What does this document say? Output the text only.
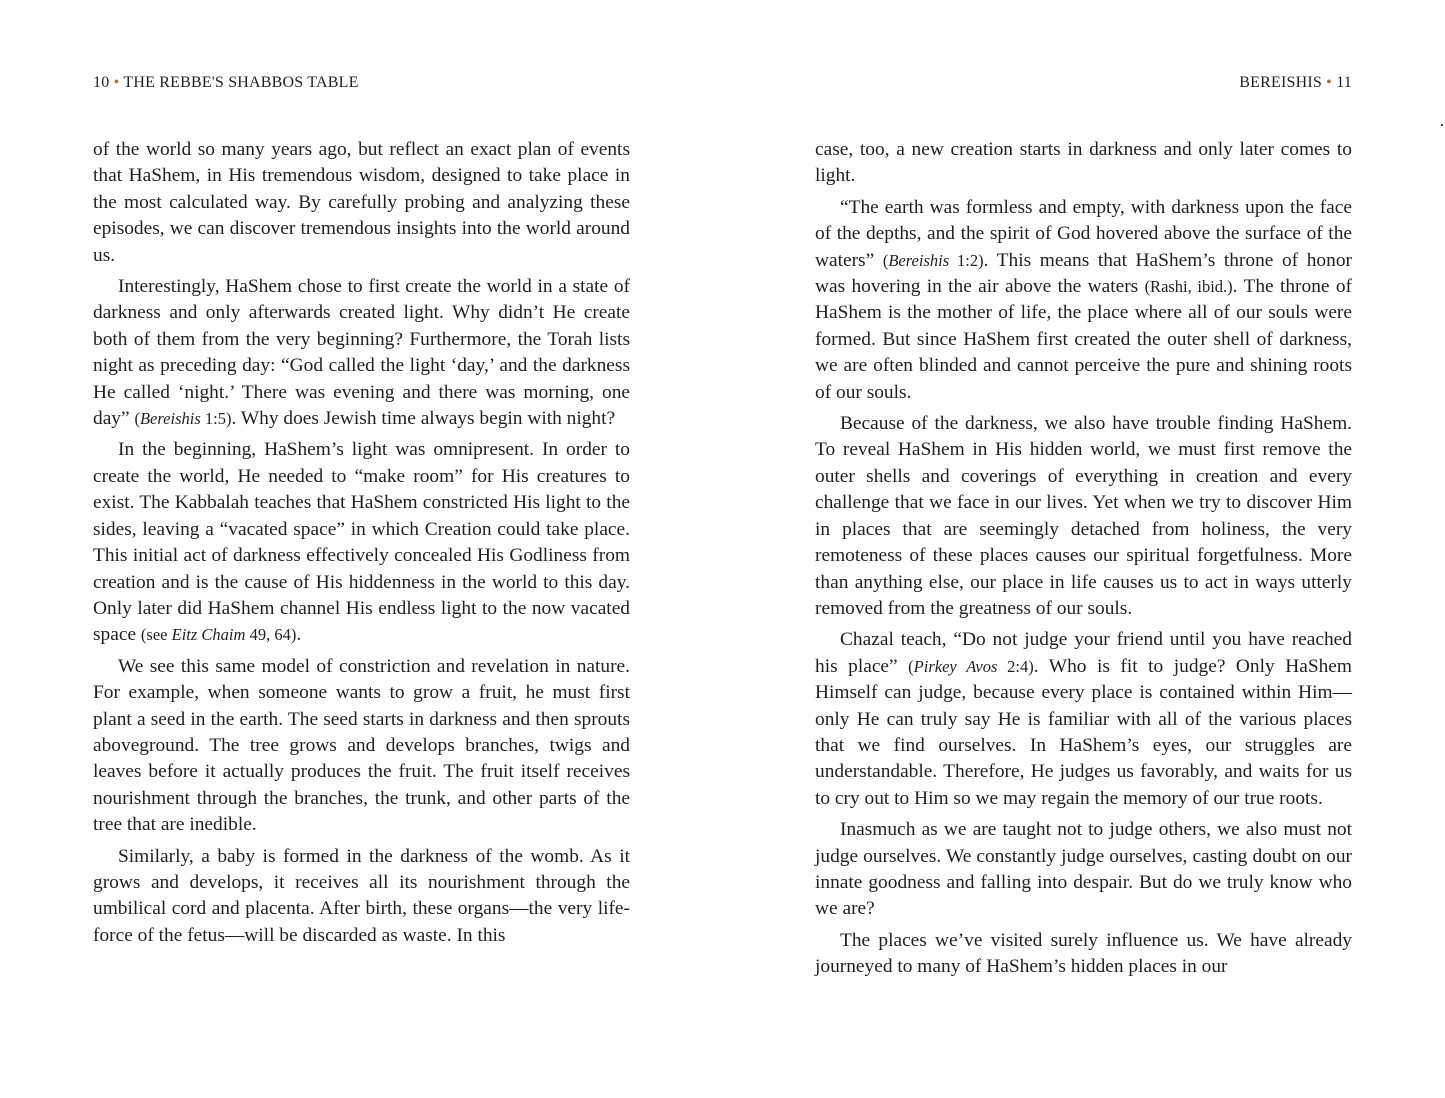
10 • THE REBBE'S SHABBOS TABLE

of the world so many years ago, but reflect an exact plan of events that HaShem, in His tremendous wisdom, designed to take place in the most calculated way. By carefully probing and analyzing these episodes, we can discover tremendous insights into the world around us.

Interestingly, HaShem chose to first create the world in a state of darkness and only afterwards created light. Why didn’t He create both of them from the very beginning? Furthermore, the Torah lists night as preceding day: “God called the light ‘day,’ and the darkness He called ‘night.’ There was evening and there was morning, one day” (Bereishis 1:5). Why does Jewish time always begin with night?

In the beginning, HaShem’s light was omnipresent. In order to create the world, He needed to “make room” for His creatures to exist. The Kabbalah teaches that HaShem constricted His light to the sides, leaving a “vacated space” in which Creation could take place. This initial act of darkness effectively concealed His Godliness from creation and is the cause of His hiddenness in the world to this day. Only later did HaShem channel His endless light to the now vacated space (see Eitz Chaim 49, 64).

We see this same model of constriction and revelation in nature. For example, when someone wants to grow a fruit, he must first plant a seed in the earth. The seed starts in darkness and then sprouts aboveground. The tree grows and develops branches, twigs and leaves before it actually produces the fruit. The fruit itself receives nourishment through the branches, the trunk, and other parts of the tree that are inedible.

Similarly, a baby is formed in the darkness of the womb. As it grows and develops, it receives all its nourishment through the umbilical cord and placenta. After birth, these organs—the very life-force of the fetus—will be discarded as waste. In this

BEREISHIS • 11

case, too, a new creation starts in darkness and only later comes to light.

“The earth was formless and empty, with darkness upon the face of the depths, and the spirit of God hovered above the surface of the waters” (Bereishis 1:2). This means that HaShem’s throne of honor was hovering in the air above the waters (Rashi, ibid.). The throne of HaShem is the mother of life, the place where all of our souls were formed. But since HaShem first created the outer shell of darkness, we are often blinded and cannot perceive the pure and shining roots of our souls.

Because of the darkness, we also have trouble finding HaShem. To reveal HaShem in His hidden world, we must first remove the outer shells and coverings of everything in creation and every challenge that we face in our lives. Yet when we try to discover Him in places that are seemingly detached from holiness, the very remoteness of these places causes our spiritual forgetfulness. More than anything else, our place in life causes us to act in ways utterly removed from the greatness of our souls.

Chazal teach, “Do not judge your friend until you have reached his place” (Pirkey Avos 2:4). Who is fit to judge? Only HaShem Himself can judge, because every place is contained within Him—only He can truly say He is familiar with all of the various places that we find ourselves. In HaShem’s eyes, our struggles are understandable. Therefore, He judges us favorably, and waits for us to cry out to Him so we may regain the memory of our true roots.

Inasmuch as we are taught not to judge others, we also must not judge ourselves. We constantly judge ourselves, casting doubt on our innate goodness and falling into despair. But do we truly know who we are?

The places we’ve visited surely influence us. We have already journeyed to many of HaShem’s hidden places in our
